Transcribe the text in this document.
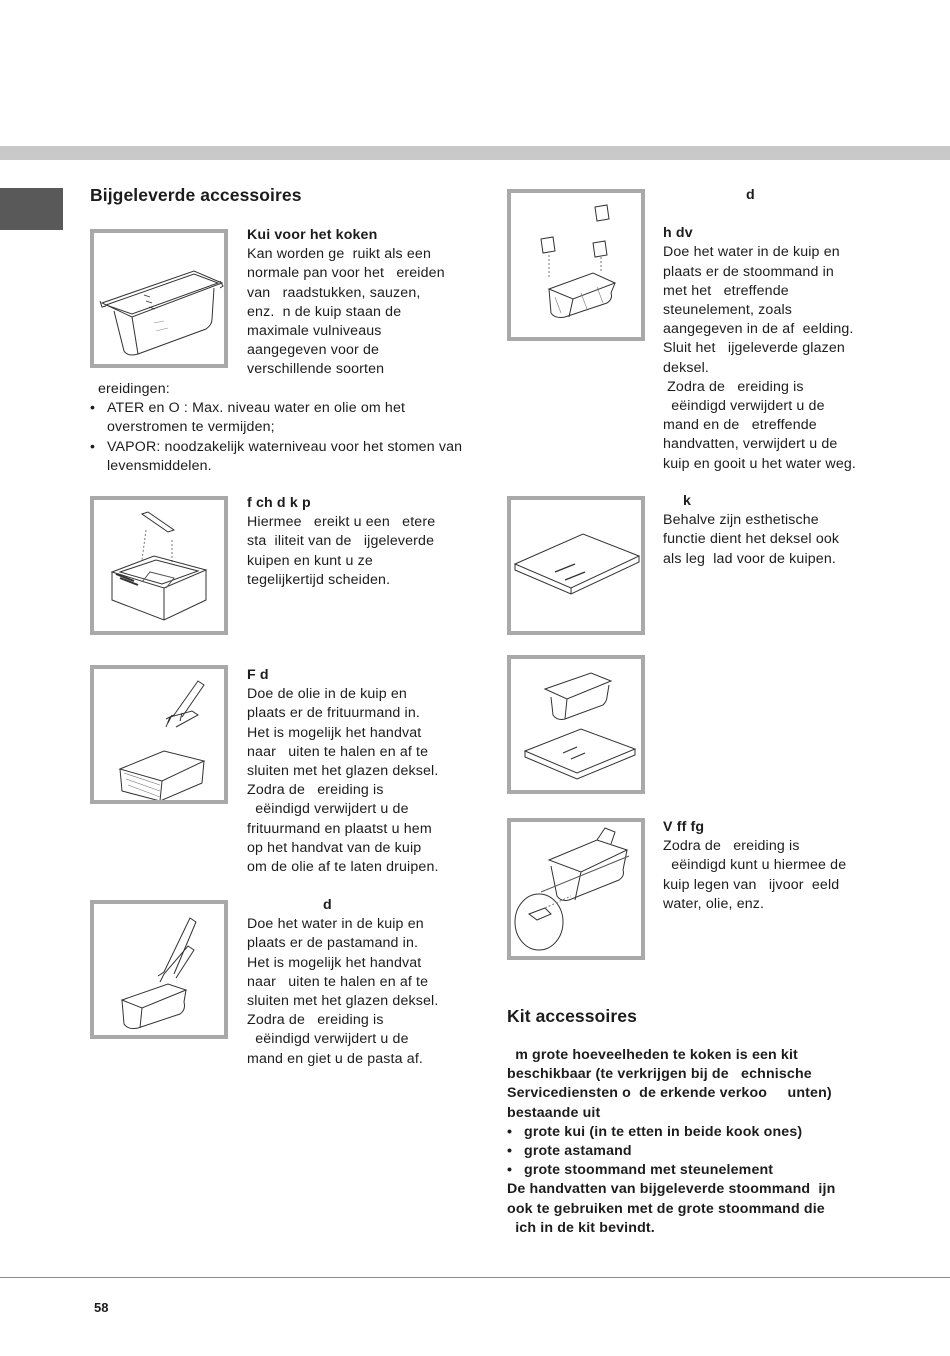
Bijgeleverde accessoires
Kui voor het koken

Kan worden ge  ruikt als een
normale pan voor het   ereiden
van   raadstukken, sauzen,
enz.  n de kuip staan de
maximale vulniveaus
aangegeven voor de
verschillende soorten

ereidingen:

• ATER en O : Max. niveau water en olie om het overstromen te vermijden;
• VAPOR: noodzakelijk waterniveau voor het stomen van levensmiddelen.
f ch d k p

Hiermee   ereikt u een   etere
sta  iliteit van de   ijgeleverde
kuipen en kunt u ze
tegelijkertijd scheiden.

F d

Doe de olie in de kuip en
plaats er de frituurmand in.
Het is mogelijk het handvat
naar   uiten te halen en af te
sluiten met het glazen deksel.
Zodra de   ereiding is
eëindigd verwijdert u de
frituurmand en plaatst u hem
op het handvat van de kuip
om de olie af te laten druipen.

d

Doe het water in de kuip en
plaats er de pastamand in.
Het is mogelijk het handvat
naar   uiten te halen en af te
sluiten met het glazen deksel.
Zodra de   ereiding is
eëindigd verwijdert u de
mand en giet u de pasta af.

d
h dv

Doe het water in de kuip en
plaats er de stoommand in
met het   etreffende
steunelement, zoals
aangegeven in de af  eelding.
Sluit het   ijgeleverde glazen
deksel.
Zodra de   ereiding is
eëindigd verwijdert u de
mand en de   etreffende
handvatten, verwijdert u de
kuip en gooit u het water weg.

k

Behalve zijn esthetische
functie dient het deksel ook
als leg  lad voor de kuipen.

V ff fg

Zodra de   ereiding is
eëindigd kunt u hiermee de
kuip legen van   ijvoor  eeld
water, olie, enz.

Kit accessoires

m grote hoeveelheden te koken is een kit
beschikbaar (te verkrijgen bij de   echnische
Servicediensten o  de erkende verkoo     unten)
bestaande uit

• grote kui (in te etten in beide kook ones)
• grote astamand
• grote stoommand met steunelement

De handvatten van bijgeleverde stoommand  ijn
ook te gebruiken met de grote stoommand die
ich in de kit bevindt.

58
